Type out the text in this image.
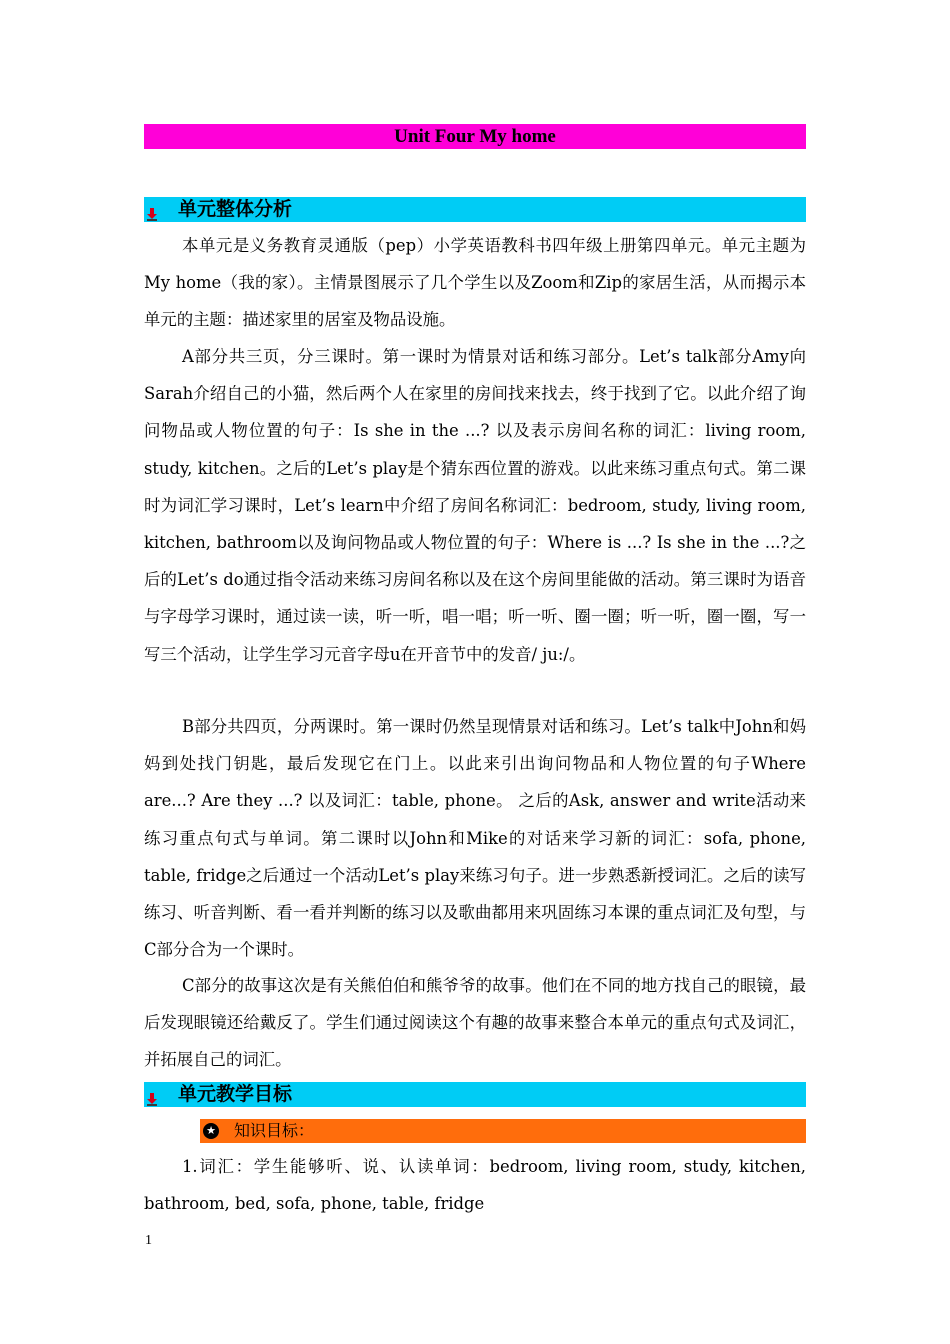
Unit Four My home
单元整体分析

本单元是义务教育灵通版（pep）小学英语教科书四年级上册第四单元。单元主题为My home（我的家）。主情景图展示了几个学生以及Zoom和Zip的家居生活，从而揭示本单元的主题：描述家里的居室及物品设施。

A部分共三页，分三课时。第一课时为情景对话和练习部分。Let’s talk部分Amy向Sarah介绍自己的小猫，然后两个人在家里的房间找来找去，终于找到了它。以此介绍了询问物品或人物位置的句子：Is she in the ...? 以及表示房间名称的词汇：living room, study, kitchen。之后的Let’s play是个猜东西位置的游戏。以此来练习重点句式。第二课时为词汇学习课时，Let’s learn中介绍了房间名称词汇：bedroom, study, living room, kitchen, bathroom以及询问物品或人物位置的句子：Where is ...? Is she in the ...?之后的Let’s do通过指令活动来练习房间名称以及在这个房间里能做的活动。第三课时为语音与字母学习课时，通过读一读，听一听，唱一唱；听一听、圈一圈；听一听，圈一圈，写一写三个活动，让学生学习元音字母u在开音节中的发音/ ju:/。

B部分共四页，分两课时。第一课时仍然呈现情景对话和练习。Let’s talk中John和妈妈到处找门钥匙，最后发现它在门上。以此来引出询问物品和人物位置的句子Where are...? Are they ...? 以及词汇：table, phone。 之后的Ask, answer and write活动来练习重点句式与单词。第二课时以John和Mike的对话来学习新的词汇：sofa, phone, table, fridge之后通过一个活动Let’s play来练习句子。进一步熟悉新授词汇。之后的读写练习、听音判断、看一看并判断的练习以及歌曲都用来巩固练习本课的重点词汇及句型，与C部分合为一个课时。

C部分的故事这次是有关熊伯伯和熊爷爷的故事。他们在不同的地方找自己的眼镜，最后发现眼镜还给戴反了。学生们通过阅读这个有趣的故事来整合本单元的重点句式及词汇，并拓展自己的词汇。

单元教学目标
★ 知识目标：

1.词汇：学生能够听、说、认读单词：bedroom, living room, study, kitchen, bathroom, bed, sofa, phone, table, fridge

1
